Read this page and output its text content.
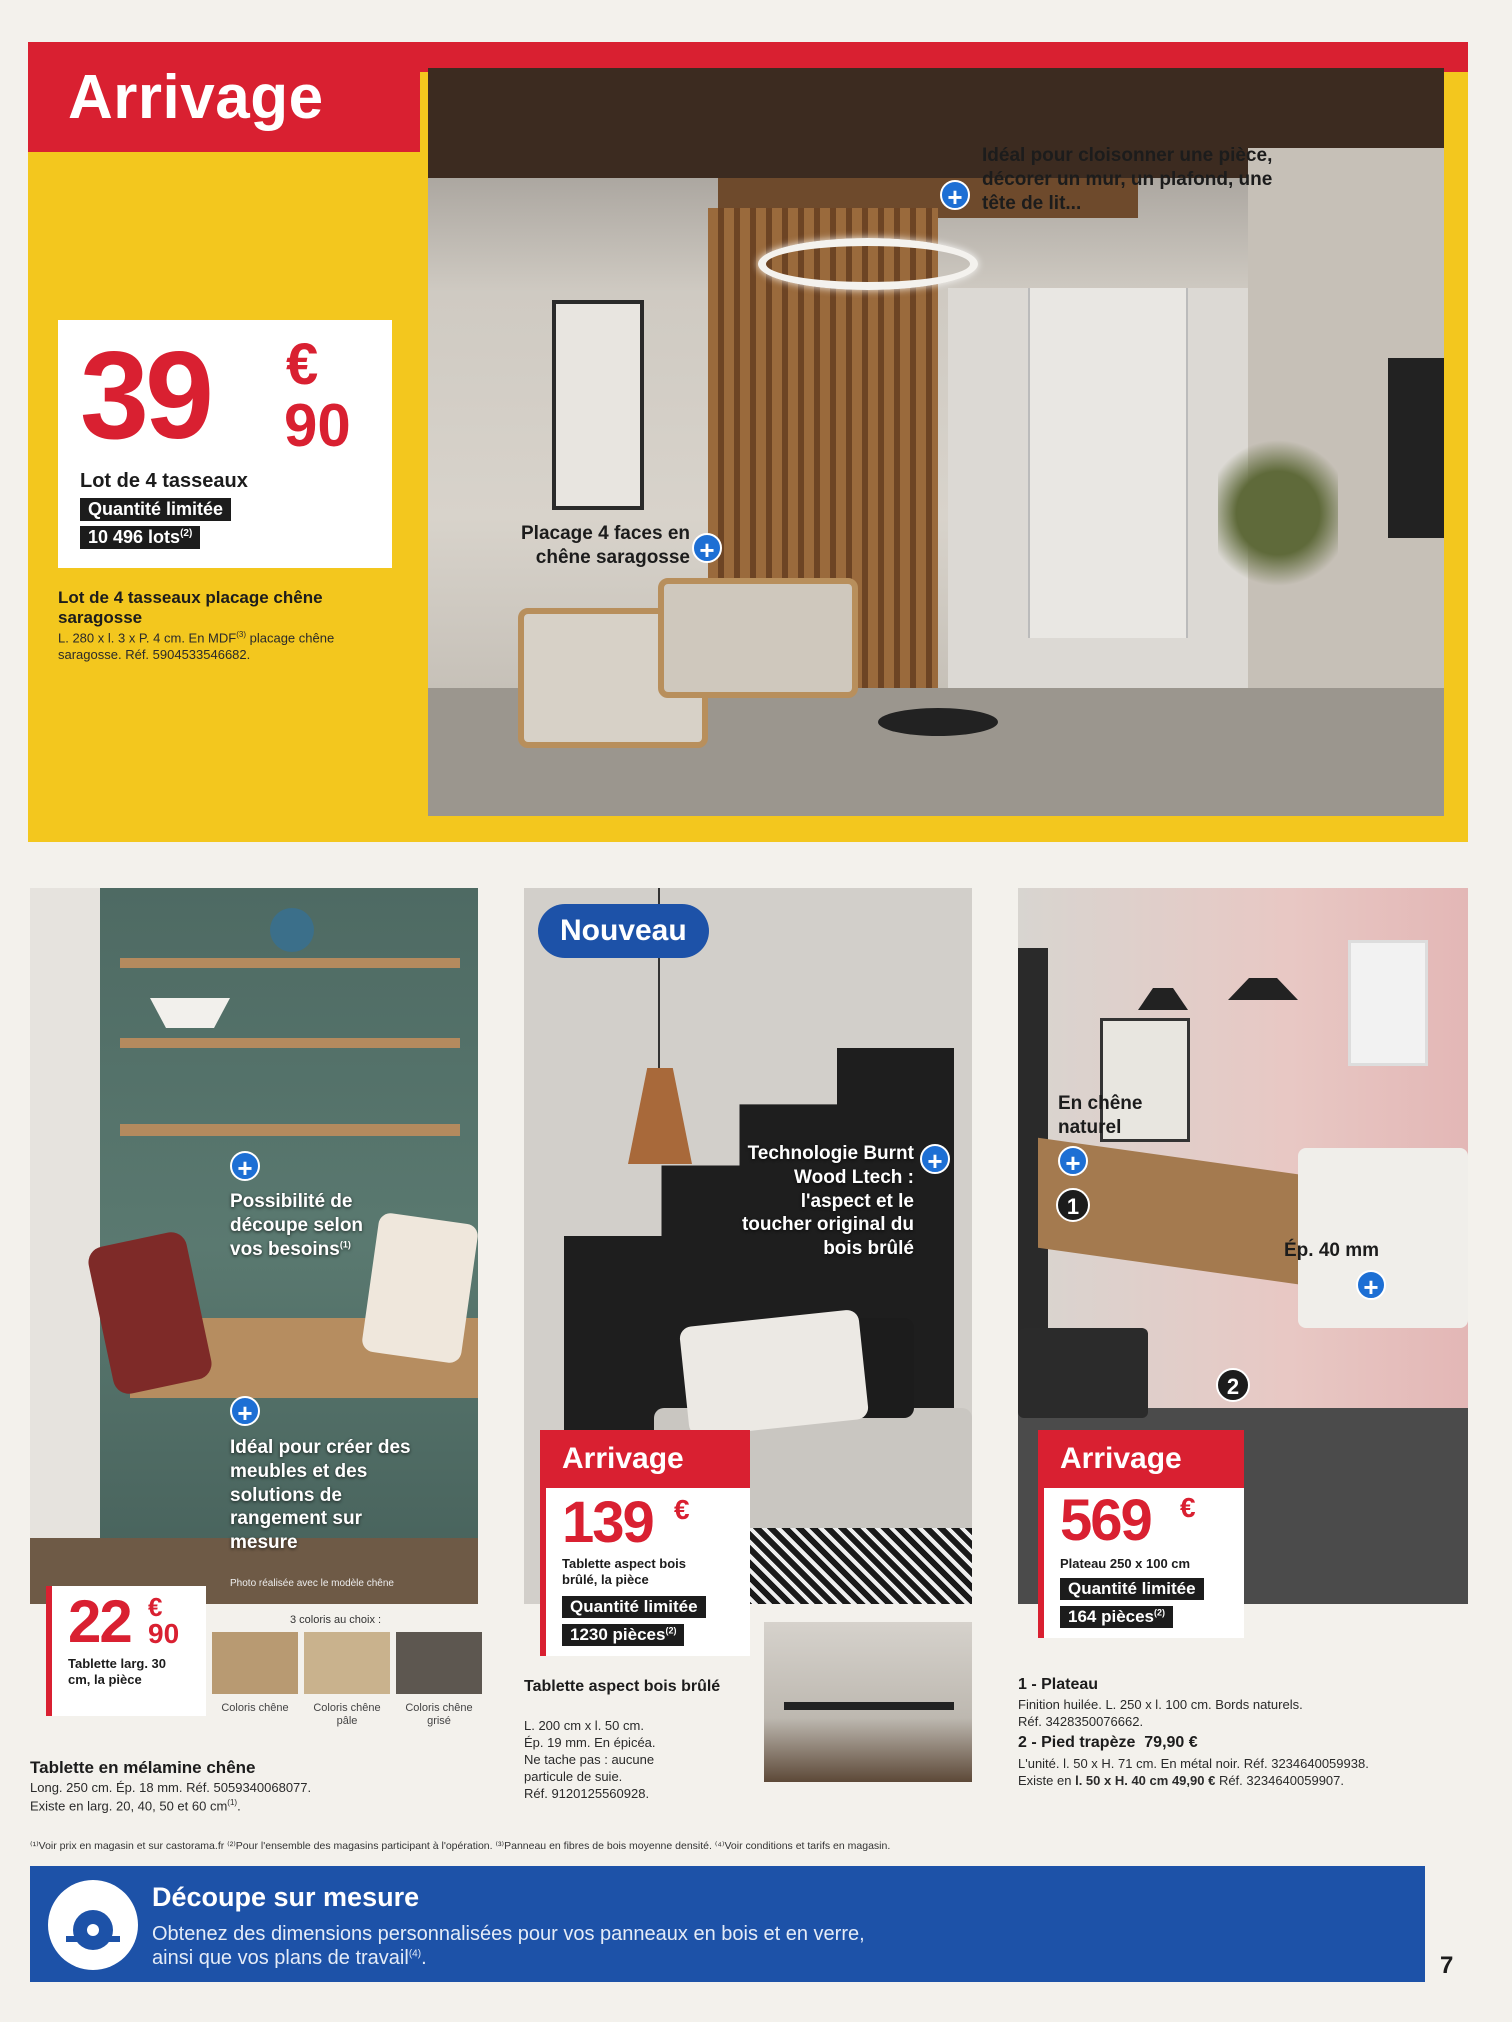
Arrivage
+
Idéal pour cloisonner une pièce, décorer un mur, un plafond, une tête de lit...
Placage 4 faces en chêne saragosse +
39 €
90
Lot de 4 tasseaux
Quantité limitée
10 496 lots$^{(2)}$
Lot de 4 tasseaux placage chêne saragosse
L. 280 x l. 3 x P. 4 cm. En MDF$^{(3)}$ placage chêne saragosse. Réf. 5904533546682.
+
Possibilité de découpe selon vos besoins$^{(1)}$
+
Idéal pour créer des meubles et des solutions de rangement sur mesure
Photo réalisée avec le modèle chêne
22 €
90
Tablette larg. 30 cm, la pièce
3 coloris au choix :
Coloris chêne	Coloris chêne pâle
Coloris chêne grisé
Tablette en mélamine chêne
Long. 250 cm. Ép. 18 mm. Réf. 5059340068077.
Existe en larg. 20, 40, 50 et 60 $cm^{(1)}$.
Nouveau
Technologie Burnt Wood Ltech : l'aspect et le toucher original du bois brûlé
+
Arrivage
139 €
Tablette aspect bois brûlé, la pièce
Quantité limitée
1230 pièces$^{(2)}$
Tablette aspect bois brûlé
L. 200 cm x l. 50 cm.
Ép. 19 mm. En épicéa.
Ne tache pas : aucune
particule de suie.
Réf. 9120125560928.
En chêne naturel
+
1
Ép. 40 mm
+
2
Arrivage
569 €
Plateau 250 x 100 cm
Quantité limitée
164 pièces$^{(2)}$
1 - Plateau
Finition huilée. L. 250 x l. 100 cm. Bords naturels.
Réf. 3428350076662.
2 - Pied trapèze 79,90 €
L'unité. l. 50 x H. 71 cm. En métal noir. Réf. 3234640059938.
Existe en l. 50 x H. 40 cm 49,90 € Réf. 3234640059907.
⁽¹⁾Voir prix en magasin et sur castorama.fr ⁽²⁾Pour l'ensemble des magasins participant à l'opération. ⁽³⁾Panneau en fibres de bois moyenne densité. ⁽⁴⁾Voir conditions et tarifs en magasin.
Découpe sur mesure
Obtenez des dimensions personnalisées pour vos panneaux en bois et en verre,
ainsi que vos plans de travail$^{(4)}$.	7
